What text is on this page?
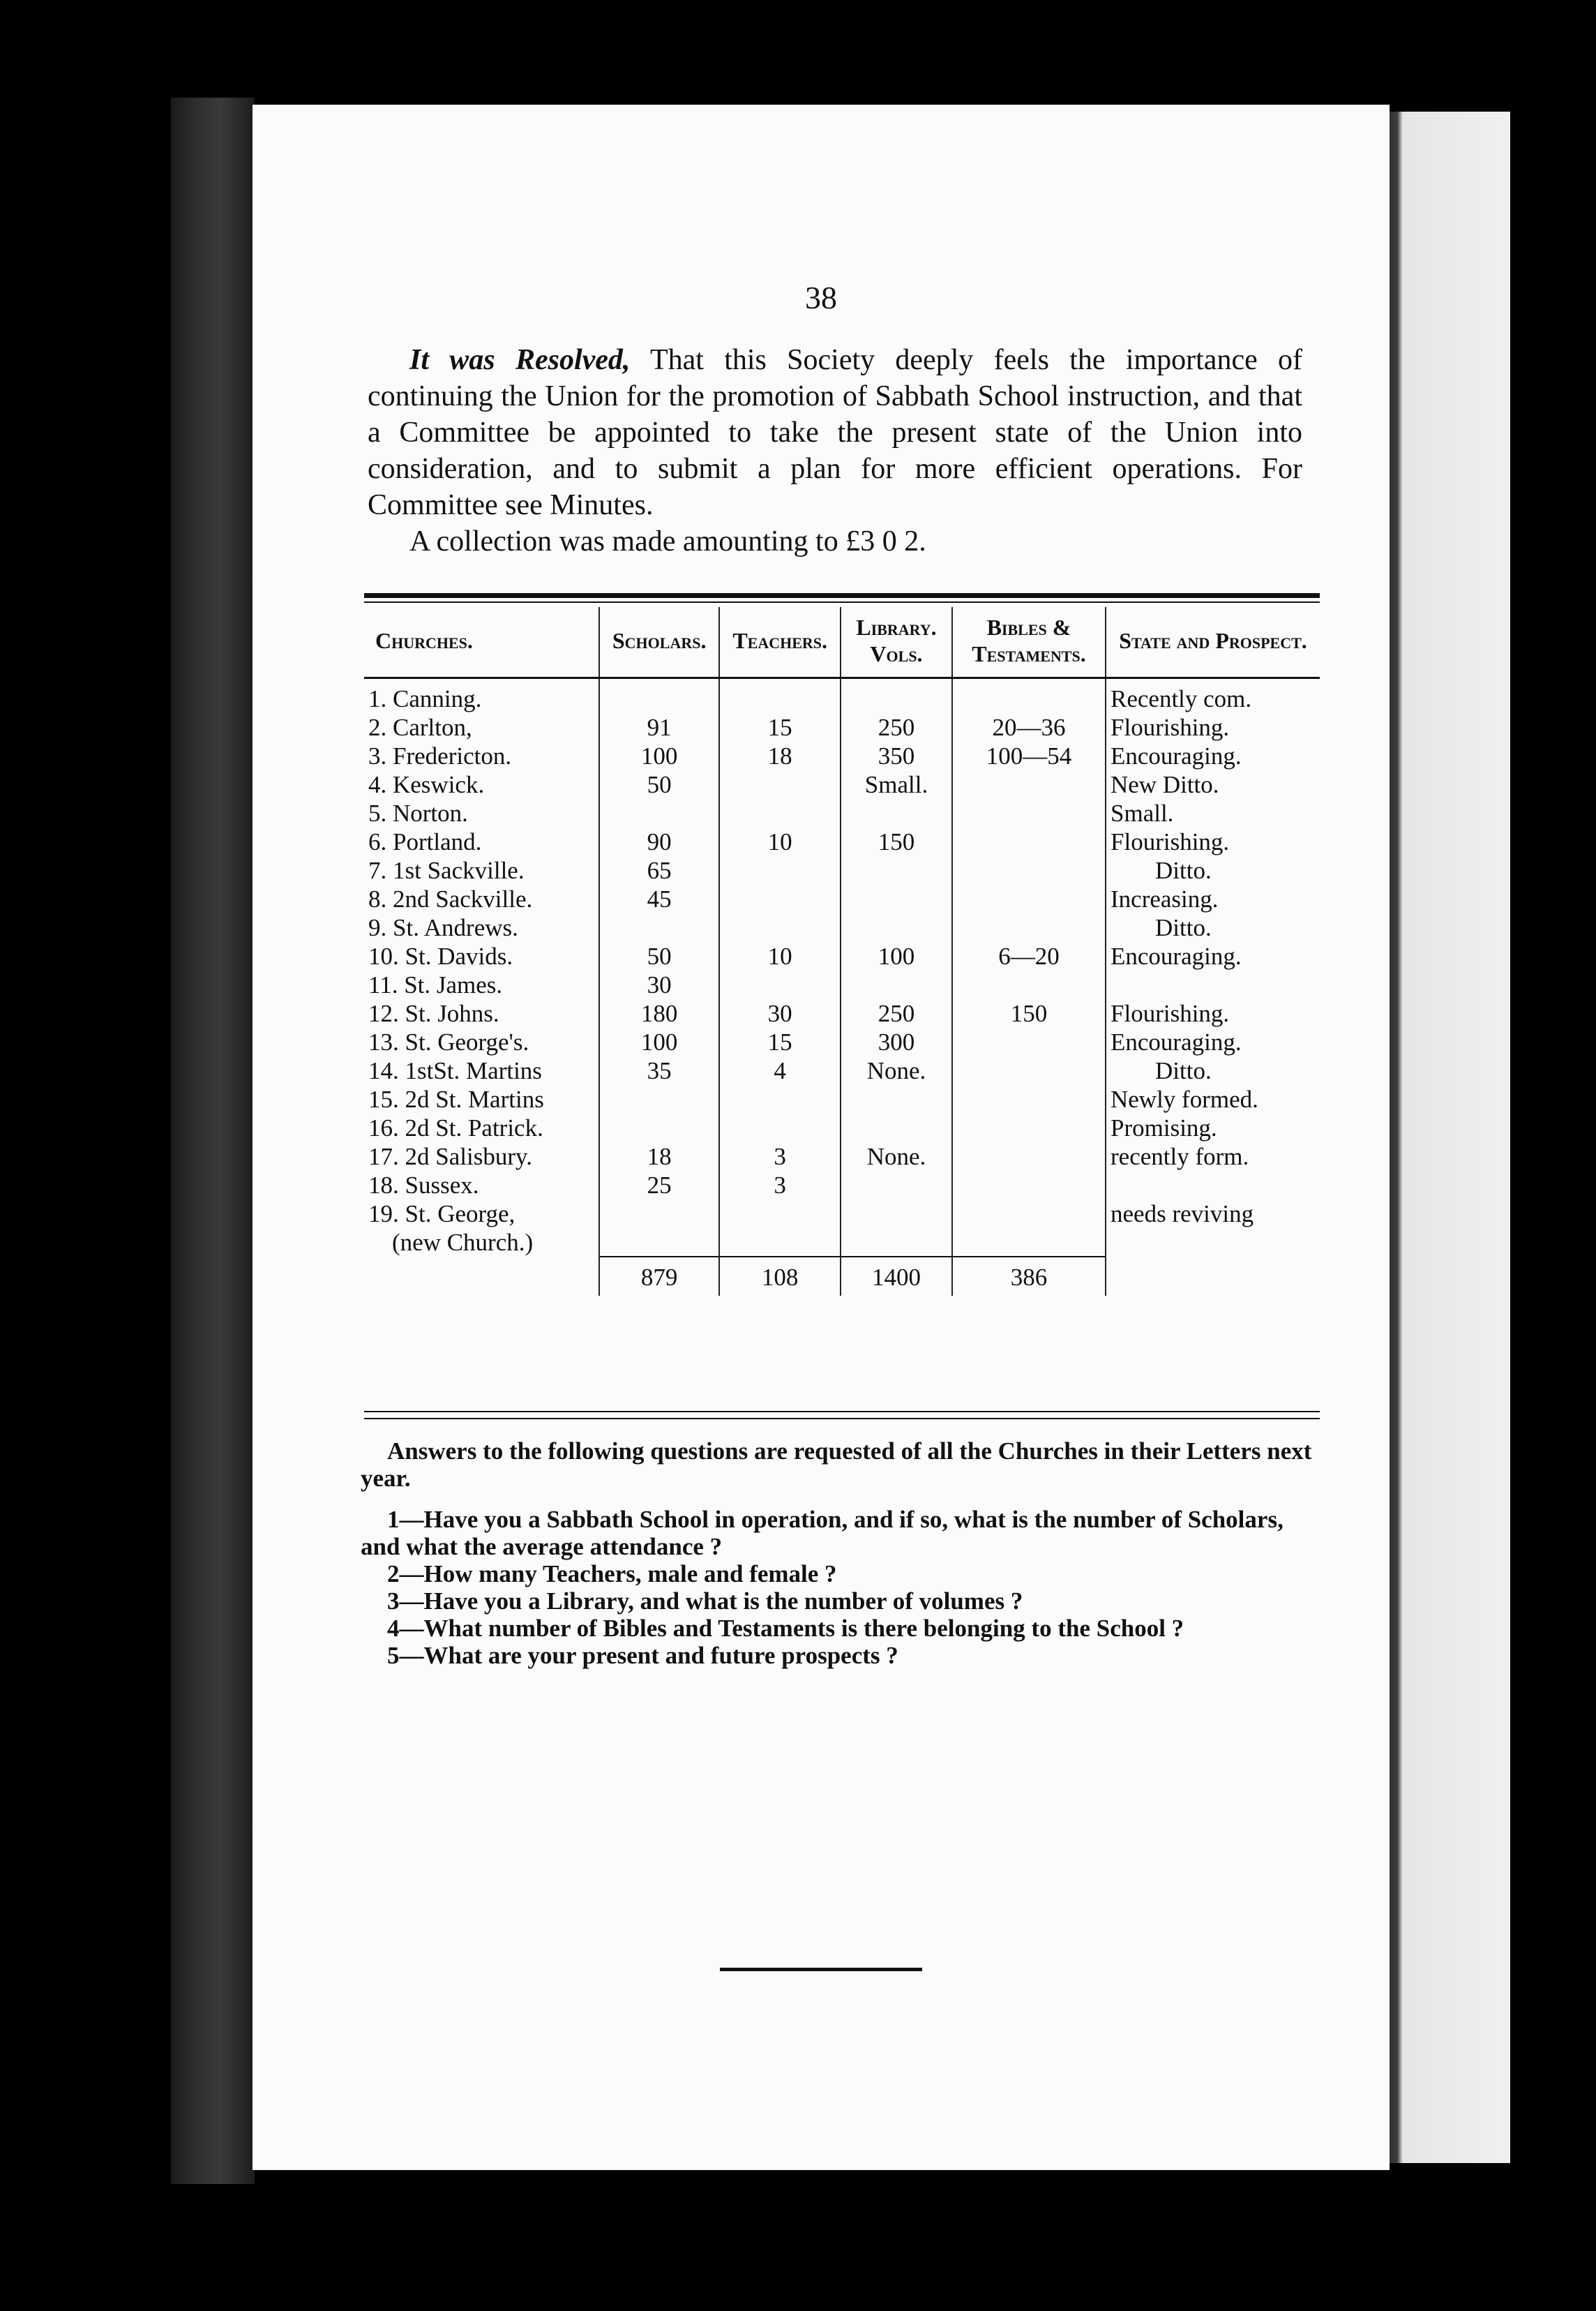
38

It was Resolved, That this Society deeply feels the importance of continuing the Union for the promotion of Sabbath School instruction, and that a Committee be appointed to take the present state of the Union into consideration, and to submit a plan for more efficient operations. For Committee see Minutes.

A collection was made amounting to £3 0 2.

Churches.	Scholars.	Teachers.	Library. Vols.	Bibles & Testaments.	State and Prospect.
1. Canning.					Recently com.
2. Carlton,	91	15	250	20—36	Flourishing.
3. Fredericton.	100	18	350	100—54	Encouraging.
4. Keswick.	50		Small.		New Ditto.
5. Norton.					Small.
6. Portland.	90	10	150		Flourishing.
7. 1st Sackville.	65				Ditto.
8. 2nd Sackville.	45				Increasing.
9. St. Andrews.					Ditto.
10. St. Davids.	50	10	100	6—20	Encouraging.
11. St. James.	30				
12. St. Johns.	180	30	250	150	Flourishing.
13. St. George's.	100	15	300		Encouraging.
14. 1stSt. Martins	35	4	None.		Ditto.
15. 2d St. Martins					Newly formed.
16. 2d St. Patrick.					Promising.
17. 2d Salisbury.	18	3	None.		recently form.
18. Sussex.	25	3			
19. St. George,					needs reviving
(new Church.)					
	879	108	1400	386	

Answers to the following questions are requested of all the Churches in their Letters next year.

1—Have you a Sabbath School in operation, and if so, what is the number of Scholars, and what the average attendance ?

2—How many Teachers, male and female ?

3—Have you a Library, and what is the number of volumes ?

4—What number of Bibles and Testaments is there belonging to the School ?

5—What are your present and future prospects ?
